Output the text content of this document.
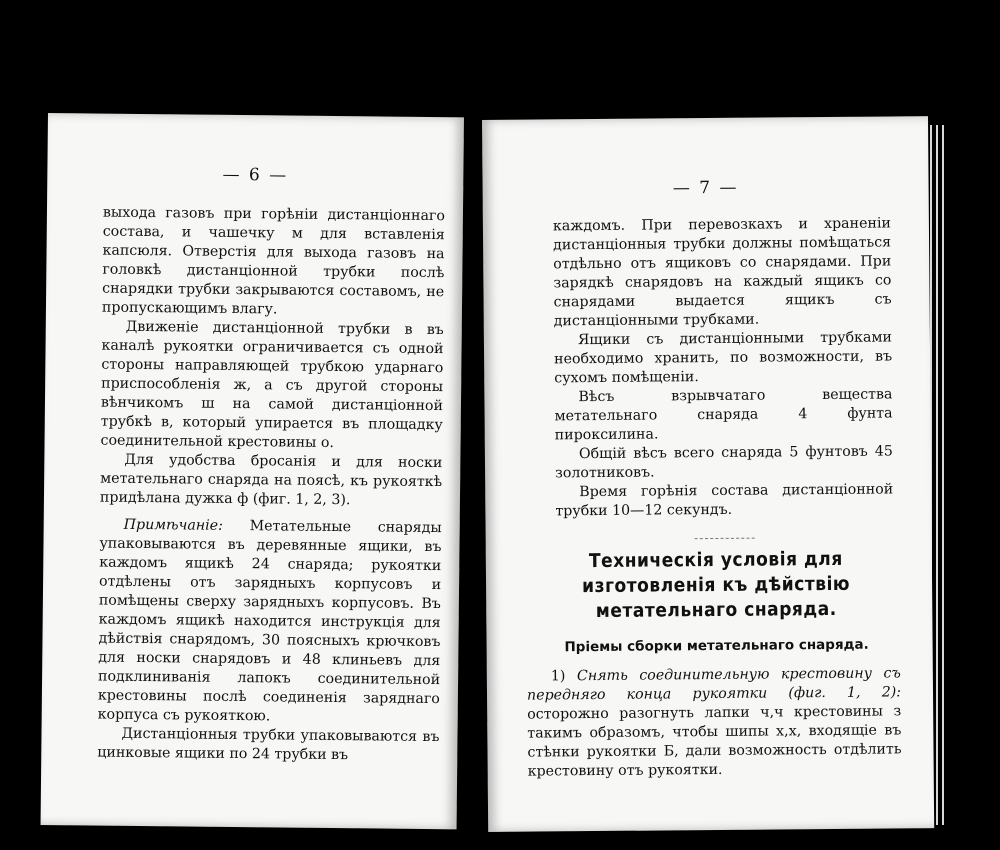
— 6 —

выхода газовъ при горѣніи дистанціоннаго состава, и чашечку м для вставленія капсюля. Отверстія для выхода газовъ на головкѣ дистанціонной трубки послѣ снарядки трубки закрываются составомъ, не пропускающимъ влагу.

Движеніе дистанціонной трубки в въ каналѣ рукоятки ограничивается съ одной стороны направляющей трубкою ударнаго приспособленія ж, а съ другой стороны вѣнчикомъ ш на самой дистанціонной трубкѣ в, который упирается въ площадку соединительной крестовины о.

Для удобства бросанія и для носки метательнаго снаряда на поясѣ, къ рукояткѣ придѣлана дужка ф (фиг. 1, 2, 3).

Примѣчаніе: Метательные снаряды упаковываются въ деревянные ящики, въ каждомъ ящикѣ 24 снаряда; рукоятки отдѣлены отъ зарядныхъ корпусовъ и помѣщены сверху зарядныхъ корпусовъ. Въ каждомъ ящикѣ находится инструкція для дѣйствія снарядомъ, 30 поясныхъ крючковъ для носки снарядовъ и 48 клиньевъ для подклиниванія лапокъ соединительной крестовины послѣ соединенія заряднаго корпуса съ рукояткою.

Дистанціонныя трубки упаковываются въ цинковые ящики по 24 трубки въ

— 7 —

каждомъ. При перевозкахъ и храненіи дистанціонныя трубки должны помѣщаться отдѣльно отъ ящиковъ со снарядами. При зарядкѣ снарядовъ на каждый ящикъ со снарядами выдается ящикъ съ дистанціонными трубками.

Ящики съ дистанціонными трубками необходимо хранить, по возможности, въ сухомъ помѣщеніи.

Вѣсъ взрывчатаго вещества метательнаго снаряда 4 фунта пироксилина.

Общій вѣсъ всего снаряда 5 фунтовъ 45 золотниковъ.

Время горѣнія состава дистанціонной трубки 10—12 секундъ.

Техническія условія для изготовленія къ дѣйствію метательнаго снаряда.
Пріемы сборки метательнаго снаряда.

1) Снять соединительную крестовину съ передняго конца рукоятки (фиг. 1, 2): осторожно разогнуть лапки ч,ч крестовины з такимъ образомъ, чтобы шипы х,х, входящіе въ стѣнки рукоятки Б, дали возможность отдѣлить крестовину отъ рукоятки.
